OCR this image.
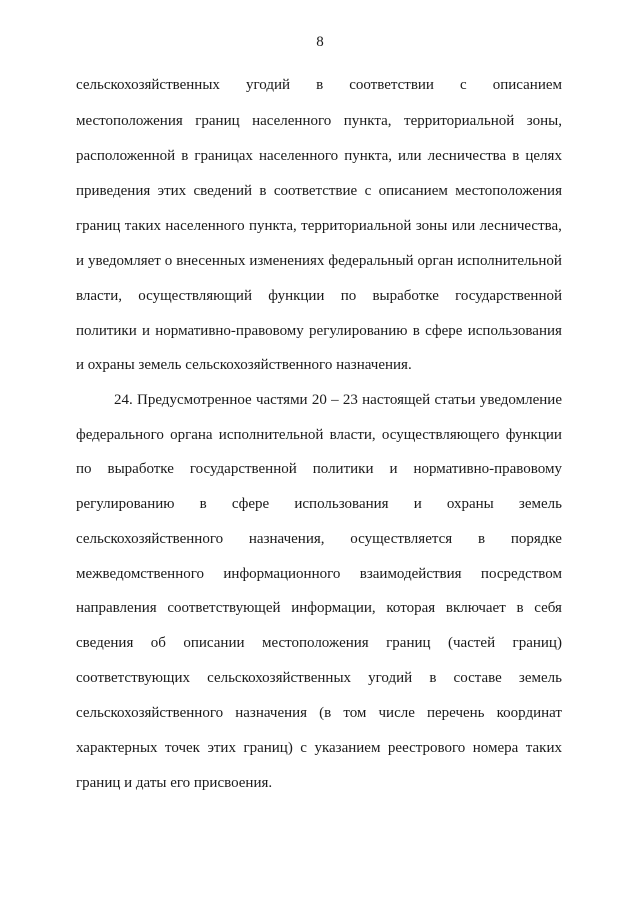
8
сельскохозяйственных угодий в соответствии с описанием
местоположения границ населенного пункта, территориальной зоны,
расположенной в границах населенного пункта, или лесничества в целях
приведения этих сведений в соответствие с описанием местоположения
границ таких населенного пункта, территориальной зоны или лесничества,
и уведомляет о внесенных изменениях федеральный орган исполнительной
власти, осуществляющий функции по выработке государственной
политики и нормативно-правовому регулированию в сфере использования
и охраны земель сельскохозяйственного назначения.
24. Предусмотренное частями 20 – 23 настоящей статьи уведомление
федерального органа исполнительной власти, осуществляющего функции
по выработке государственной политики и нормативно-правовому
регулированию в сфере использования и охраны земель
сельскохозяйственного назначения, осуществляется в порядке
межведомственного информационного взаимодействия посредством
направления соответствующей информации, которая включает в себя
сведения об описании местоположения границ (частей границ)
соответствующих сельскохозяйственных угодий в составе земель
сельскохозяйственного назначения (в том числе перечень координат
характерных точек этих границ) с указанием реестрового номера таких
границ и даты его присвоения.
